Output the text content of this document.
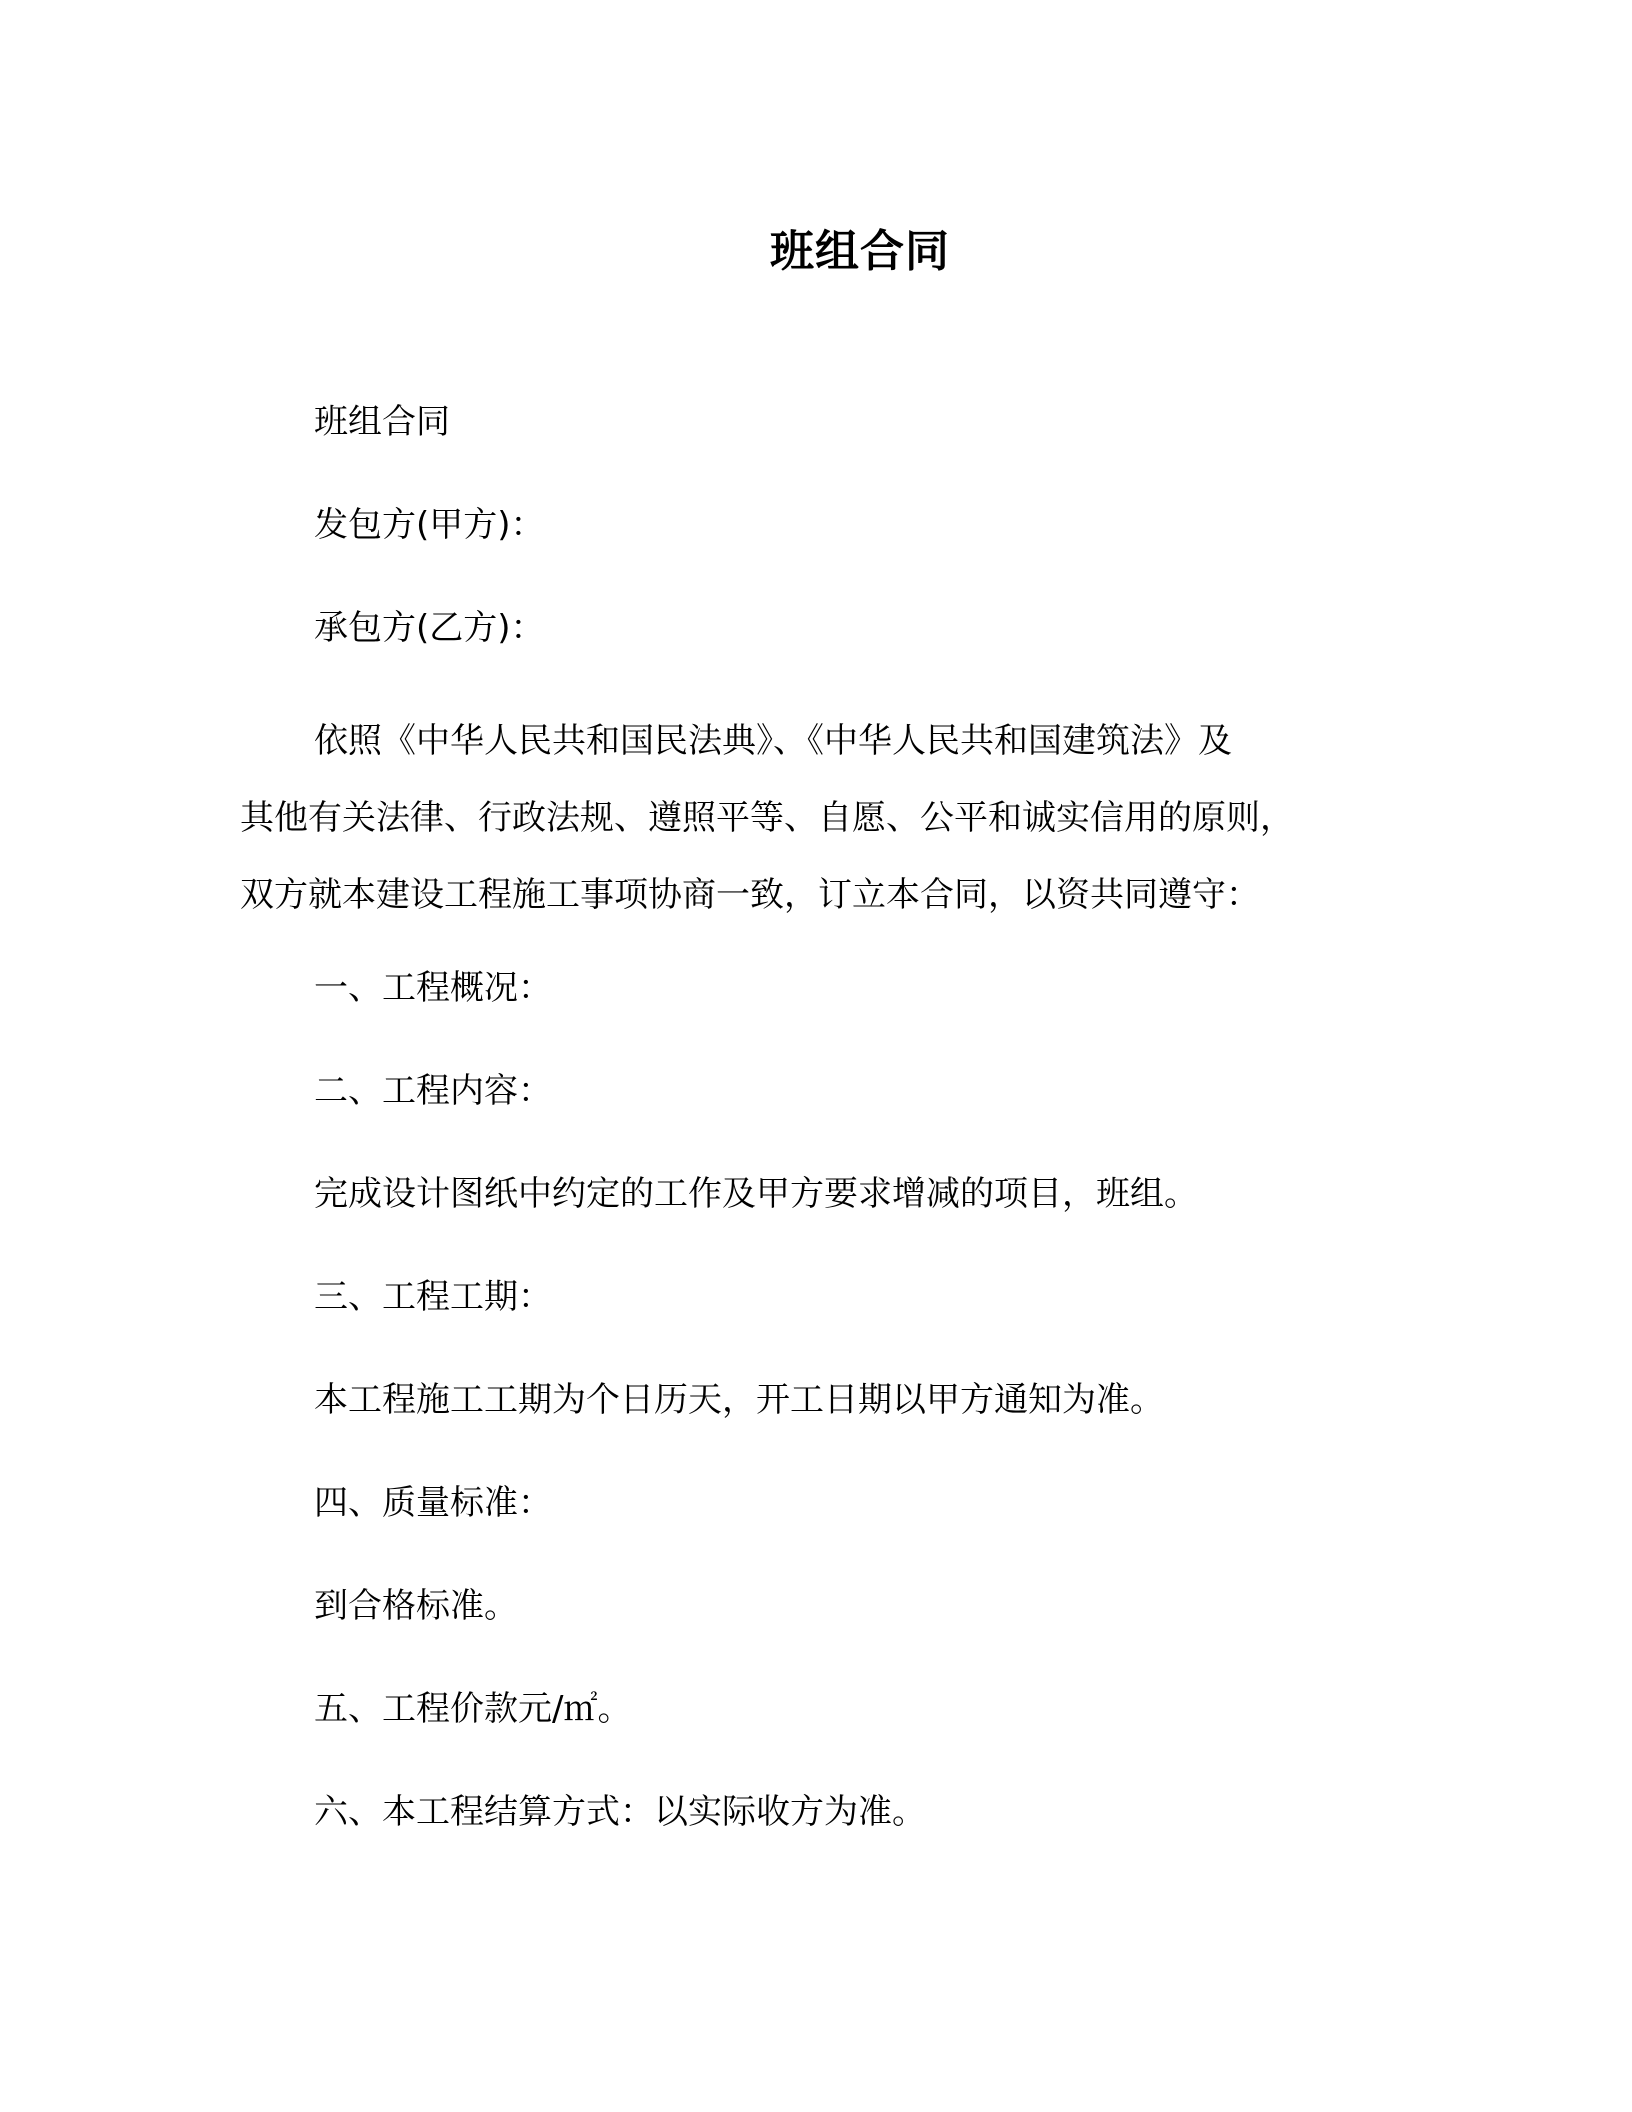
班组合同
班组合同
发包方(甲方)：
承包方(乙方)：
依照《中华人民共和国民法典》、《中华人民共和国建筑法》及
其他有关法律、行政法规、遵照平等、自愿、公平和诚实信用的原则，
双方就本建设工程施工事项协商一致，订立本合同，以资共同遵守：
一、工程概况：
二、工程内容：
完成设计图纸中约定的工作及甲方要求增减的项目，班组。
三、工程工期：
本工程施工工期为个日历天，开工日期以甲方通知为准。
四、质量标准：
到合格标准。
五、工程价款元/㎡。
六、本工程结算方式：以实际收方为准。
